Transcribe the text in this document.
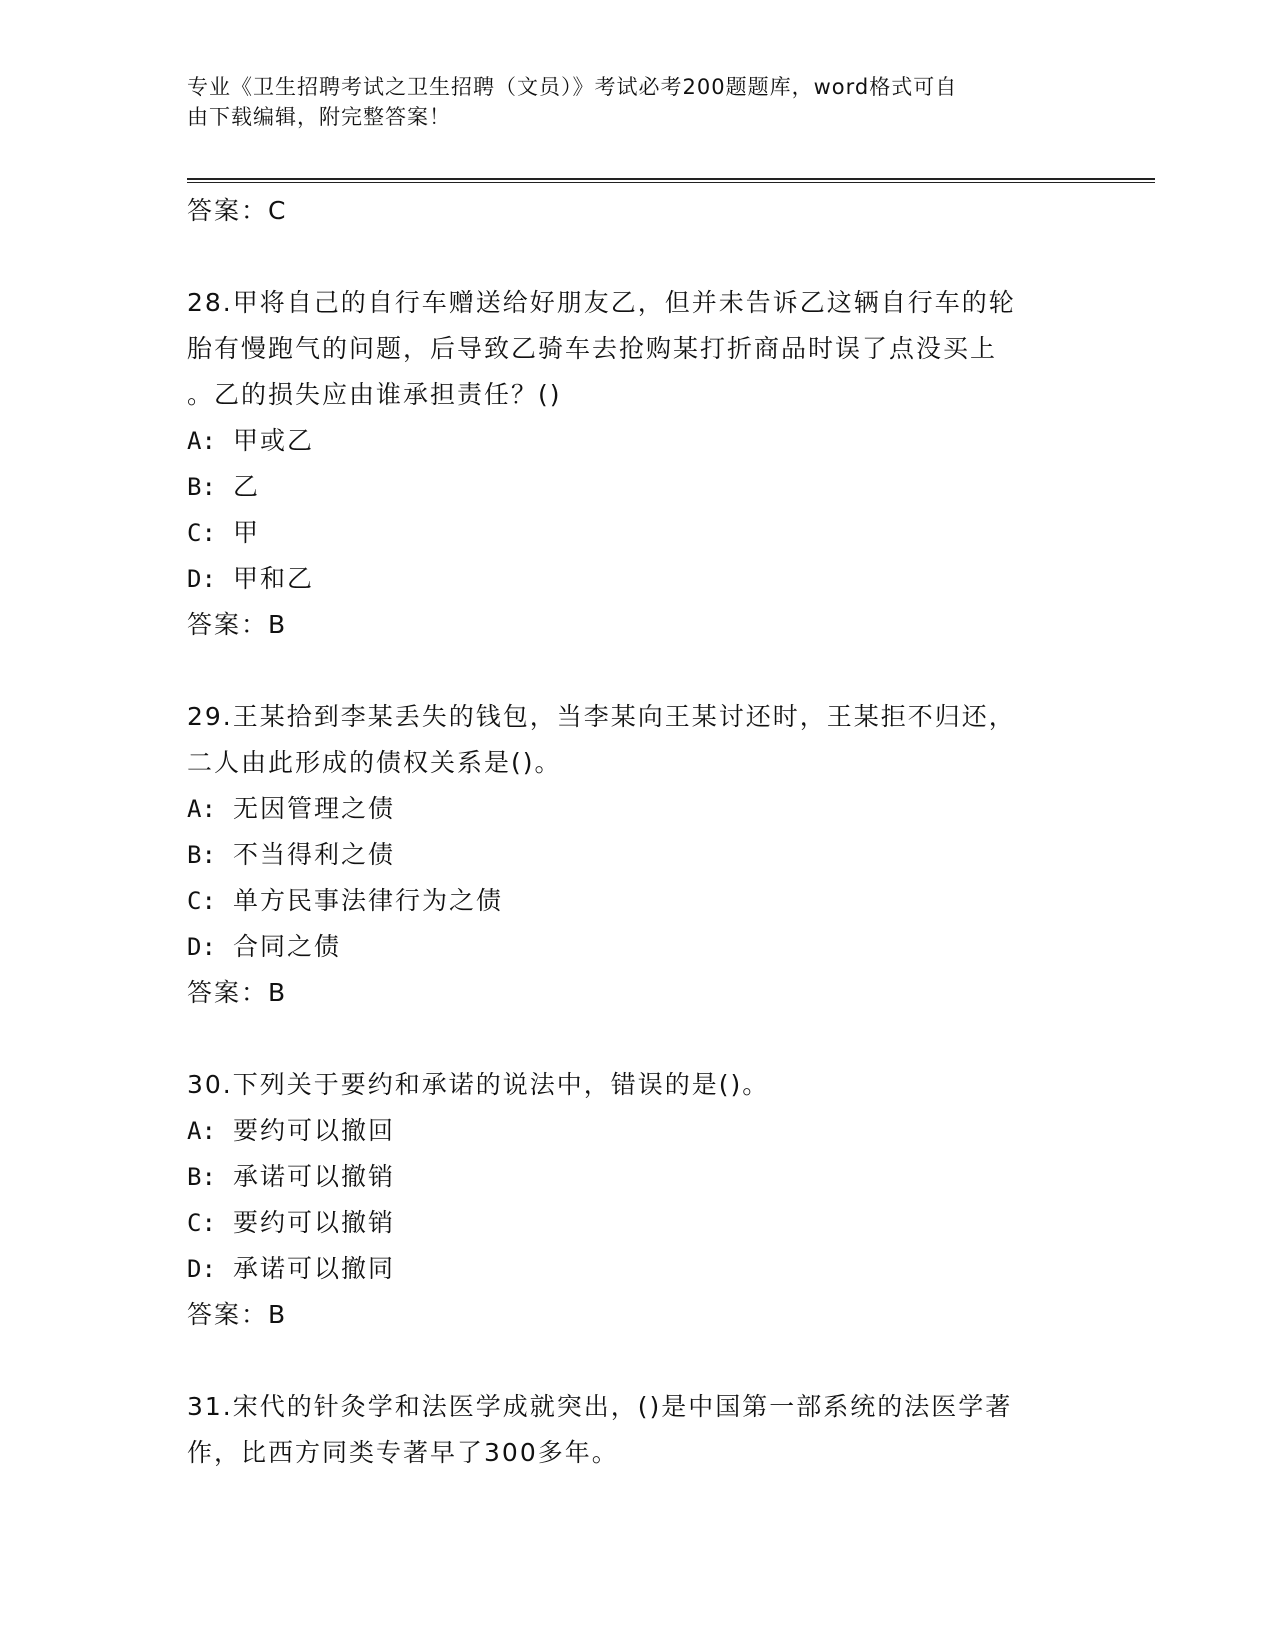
专业《卫生招聘考试之卫生招聘（文员）》考试必考200题题库，word格式可自
由下载编辑，附完整答案！
答案：C
28.甲将自己的自行车赠送给好朋友乙，但并未告诉乙这辆自行车的轮
胎有慢跑气的问题，后导致乙骑车去抢购某打折商品时误了点没买上
。乙的损失应由谁承担责任？()
A: 甲或乙
B: 乙
C: 甲
D: 甲和乙
答案：B
29.王某拾到李某丢失的钱包，当李某向王某讨还时，王某拒不归还，
二人由此形成的债权关系是()。
A: 无因管理之债
B: 不当得利之债
C: 单方民事法律行为之债
D: 合同之债
答案：B
30.下列关于要约和承诺的说法中，错误的是()。
A: 要约可以撤回
B: 承诺可以撤销
C: 要约可以撤销
D: 承诺可以撤同
答案：B
31.宋代的针灸学和法医学成就突出，()是中国第一部系统的法医学著
作，比西方同类专著早了300多年。
